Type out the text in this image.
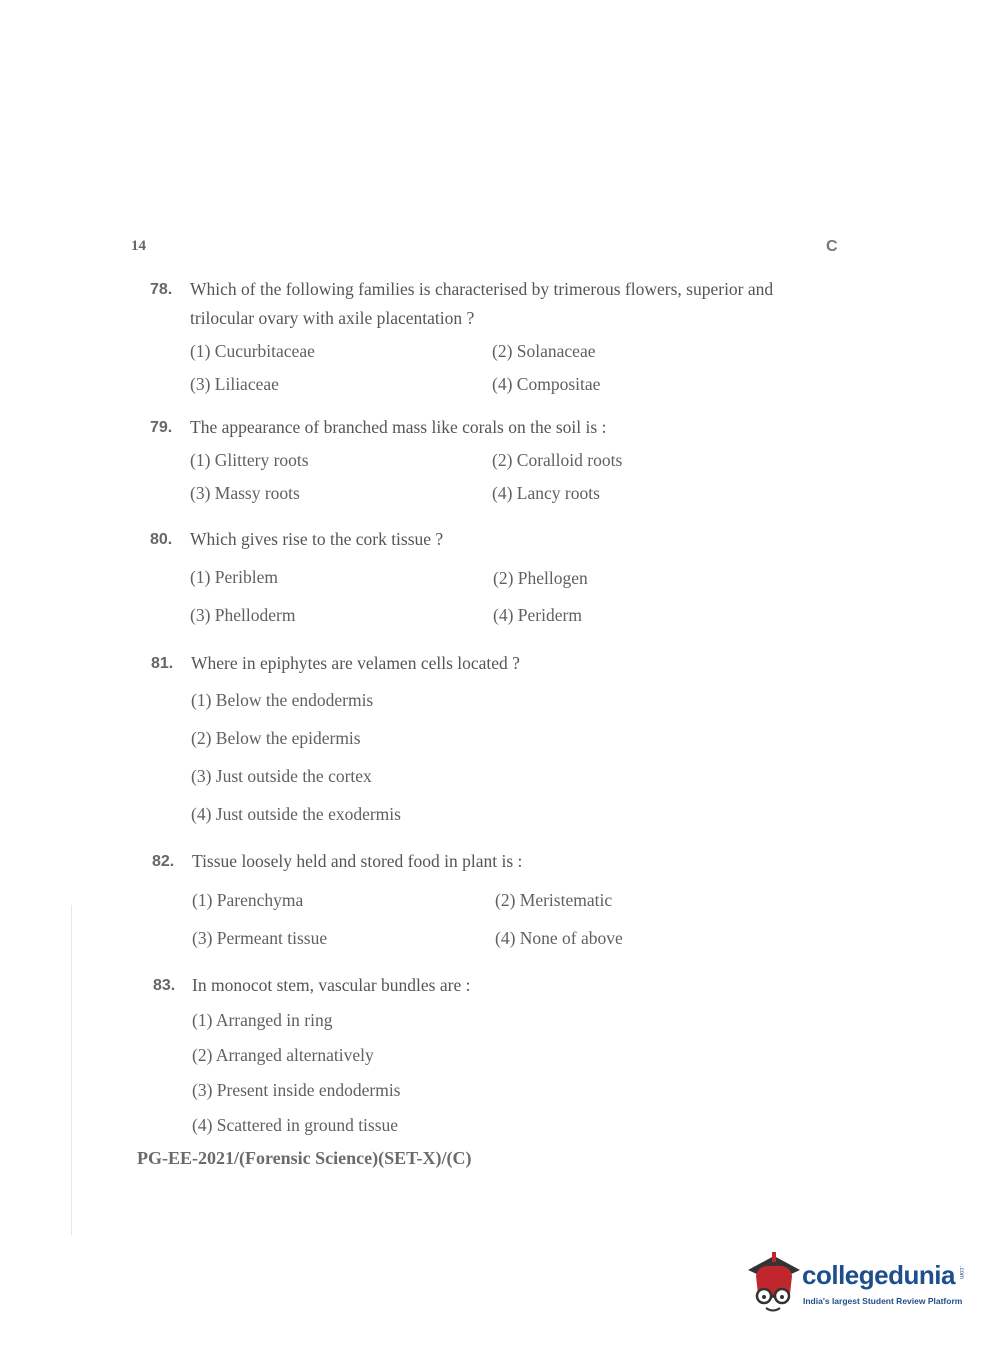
14	C
78. Which of the following families is characterised by trimerous flowers, superior and
trilocular ovary with axile placentation ?
(1) Cucurbitaceae	(2) Solanaceae
(3) Liliaceae	(4) Compositae
79. The appearance of branched mass like corals on the soil is :
(1) Glittery roots	(2) Coralloid roots
(3) Massy roots	(4) Lancy roots
80. Which gives rise to the cork tissue ?
(1) Periblem	(2) Phellogen
(3) Phelloderm	(4) Periderm
81. Where in epiphytes are velamen cells located ?
(1) Below the endodermis
(2) Below the epidermis
(3) Just outside the cortex
(4) Just outside the exodermis
82. Tissue loosely held and stored food in plant is :
(1) Parenchyma	(2) Meristematic
(3) Permeant tissue	(4) None of above
83. In monocot stem, vascular bundles are :
(1) Arranged in ring
(2) Arranged alternatively
(3) Present inside endodermis
(4) Scattered in ground tissue
PG-EE-2021/(Forensic Science)(SET-X)/(C)
collegedunia .com
India's largest Student Review Platform
